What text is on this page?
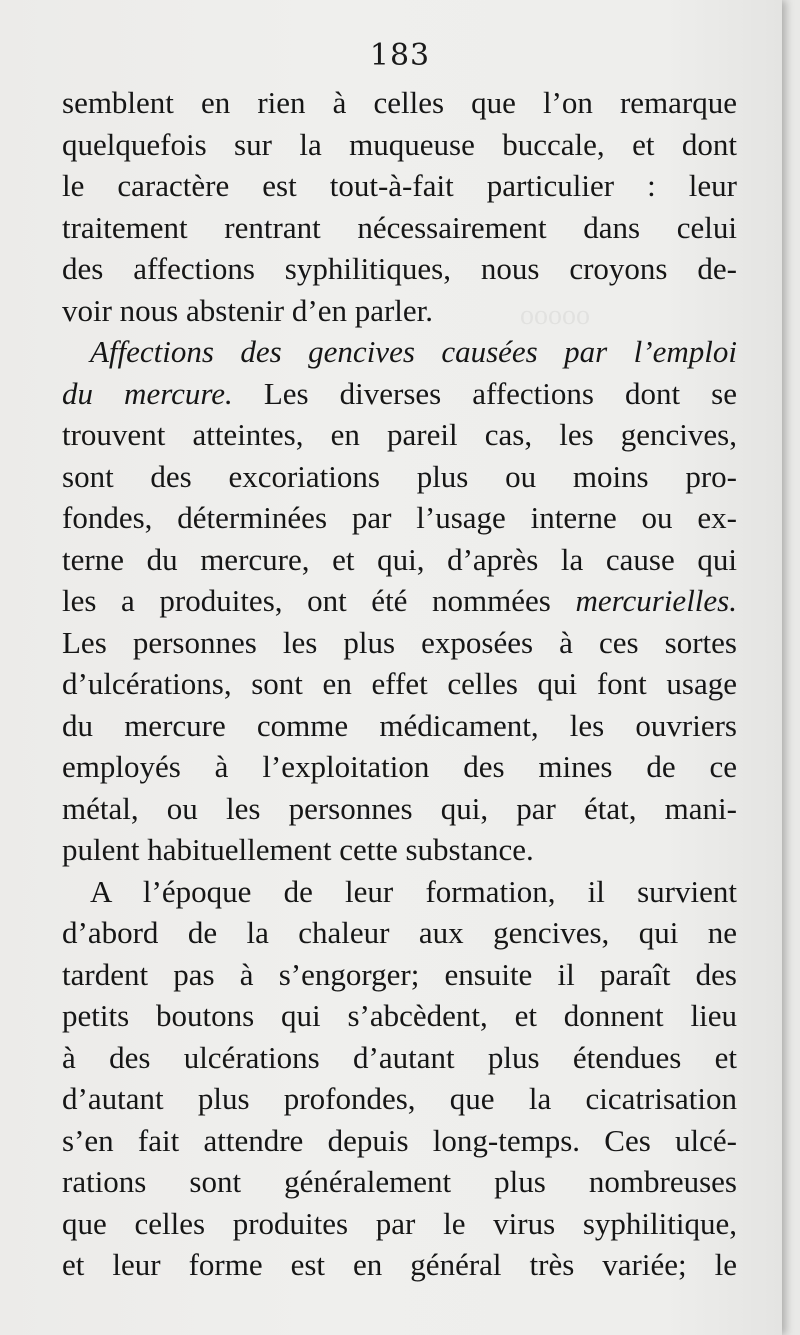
ooooo
183
semblent en rien à celles que l’on remarque
quelquefois sur la muqueuse buccale, et dont
le caractère est tout-à-fait particulier : leur
traitement rentrant nécessairement dans celui
des affections syphilitiques, nous croyons de-
voir nous abstenir d’en parler.
Affections des gencives causées par l’emploi
du mercure. Les diverses affections dont se
trouvent atteintes, en pareil cas, les gencives,
sont des excoriations plus ou moins pro-
fondes, déterminées par l’usage interne ou ex-
terne du mercure, et qui, d’après la cause qui
les a produites, ont été nommées mercurielles.
Les personnes les plus exposées à ces sortes
d’ulcérations, sont en effet celles qui font usage
du mercure comme médicament, les ouvriers
employés à l’exploitation des mines de ce
métal, ou les personnes qui, par état, mani-
pulent habituellement cette substance.
A l’époque de leur formation, il survient
d’abord de la chaleur aux gencives, qui ne
tardent pas à s’engorger; ensuite il paraît des
petits boutons qui s’abcèdent, et donnent lieu
à des ulcérations d’autant plus étendues et
d’autant plus profondes, que la cicatrisation
s’en fait attendre depuis long-temps. Ces ulcé-
rations sont généralement plus nombreuses
que celles produites par le virus syphilitique,
et leur forme est en général très variée; le
